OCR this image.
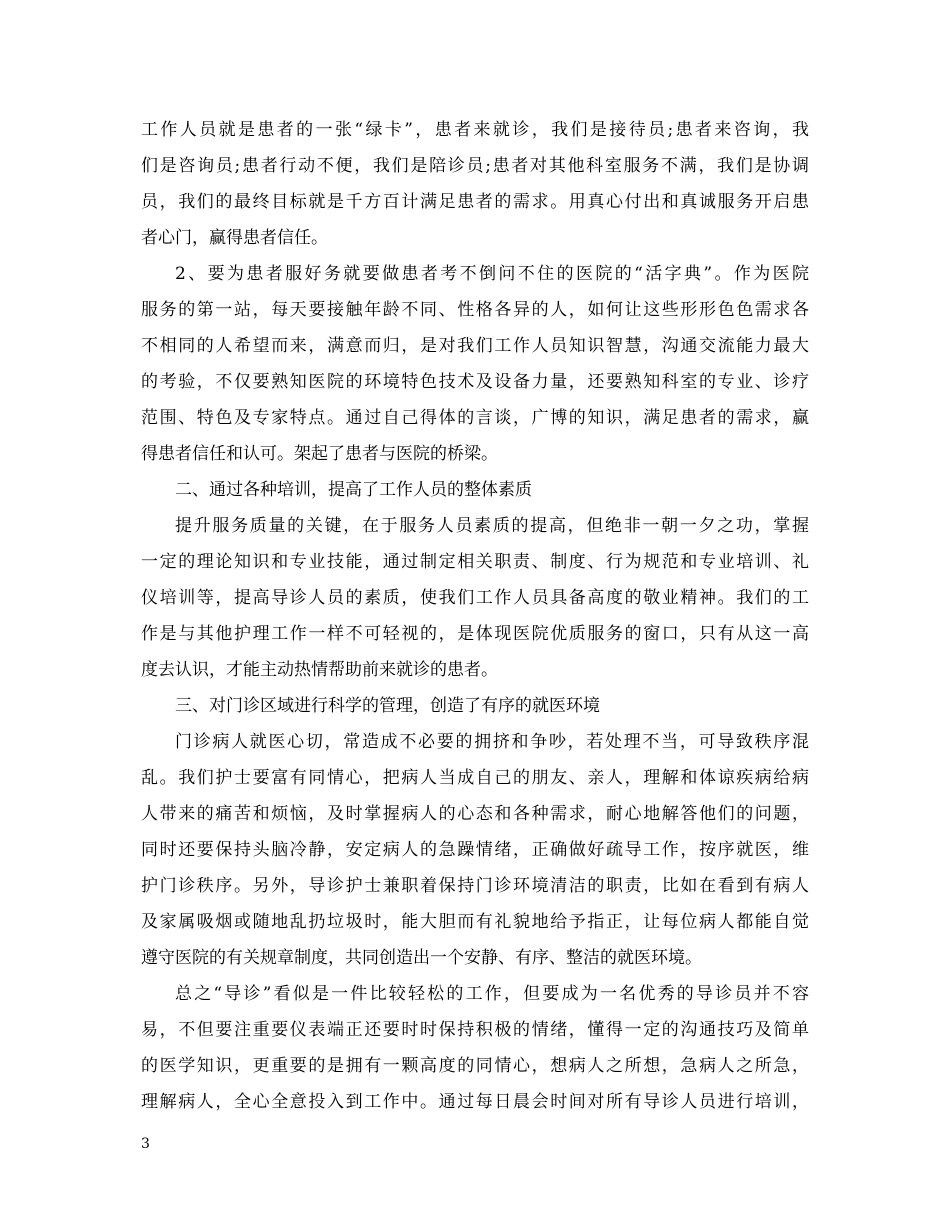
工作人员就是患者的一张“绿卡”，患者来就诊，我们是接待员;患者来咨询，我
们是咨询员;患者行动不便，我们是陪诊员;患者对其他科室服务不满，我们是协调
员，我们的最终目标就是千方百计满足患者的需求。用真心付出和真诚服务开启患
者心门，赢得患者信任。
2、要为患者服好务就要做患者考不倒问不住的医院的“活字典”。作为医院
服务的第一站，每天要接触年龄不同、性格各异的人，如何让这些形形色色需求各
不相同的人希望而来，满意而归，是对我们工作人员知识智慧，沟通交流能力最大
的考验，不仅要熟知医院的环境特色技术及设备力量，还要熟知科室的专业、诊疗
范围、特色及专家特点。通过自己得体的言谈，广博的知识，满足患者的需求，赢
得患者信任和认可。架起了患者与医院的桥梁。
二、通过各种培训，提高了工作人员的整体素质
提升服务质量的关键，在于服务人员素质的提高，但绝非一朝一夕之功，掌握
一定的理论知识和专业技能，通过制定相关职责、制度、行为规范和专业培训、礼
仪培训等，提高导诊人员的素质，使我们工作人员具备高度的敬业精神。我们的工
作是与其他护理工作一样不可轻视的，是体现医院优质服务的窗口，只有从这一高
度去认识，才能主动热情帮助前来就诊的患者。
三、对门诊区域进行科学的管理，创造了有序的就医环境
门诊病人就医心切，常造成不必要的拥挤和争吵，若处理不当，可导致秩序混
乱。我们护士要富有同情心，把病人当成自己的朋友、亲人，理解和体谅疾病给病
人带来的痛苦和烦恼，及时掌握病人的心态和各种需求，耐心地解答他们的问题，
同时还要保持头脑冷静，安定病人的急躁情绪，正确做好疏导工作，按序就医，维
护门诊秩序。另外，导诊护士兼职着保持门诊环境清洁的职责，比如在看到有病人
及家属吸烟或随地乱扔垃圾时，能大胆而有礼貌地给予指正，让每位病人都能自觉
遵守医院的有关规章制度，共同创造出一个安静、有序、整洁的就医环境。
总之“导诊”看似是一件比较轻松的工作，但要成为一名优秀的导诊员并不容
易，不但要注重要仪表端正还要时时保持积极的情绪，懂得一定的沟通技巧及简单
的医学知识，更重要的是拥有一颗高度的同情心，想病人之所想，急病人之所急，
理解病人，全心全意投入到工作中。通过每日晨会时间对所有导诊人员进行培训，
3
